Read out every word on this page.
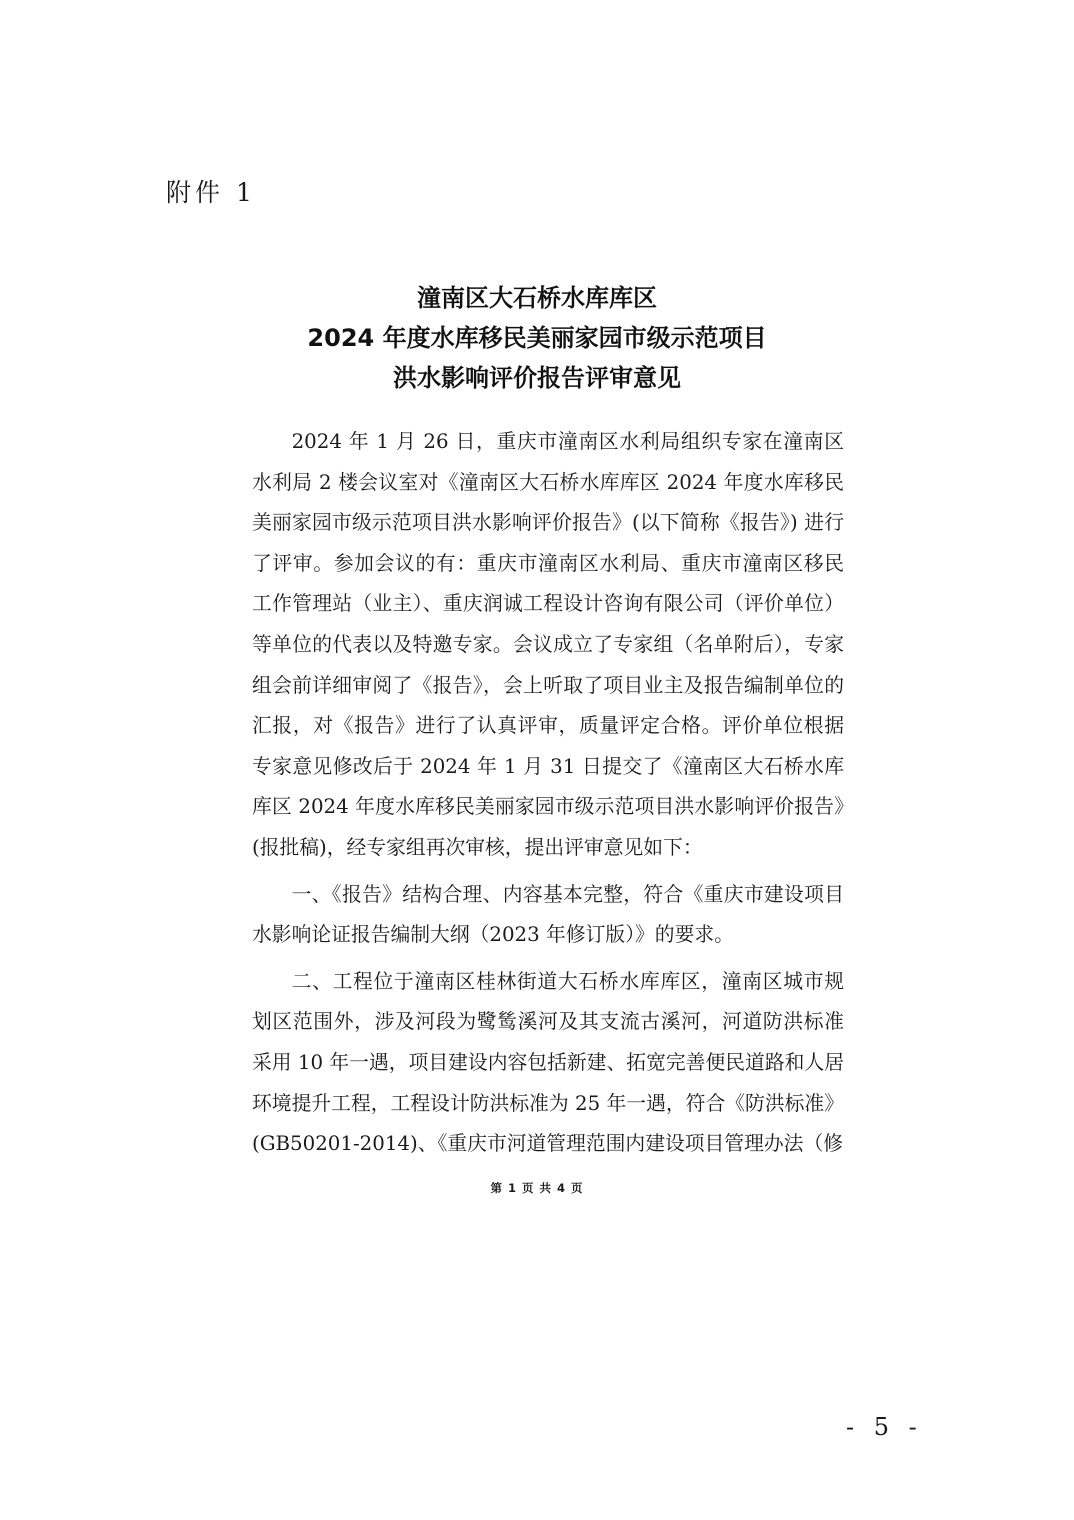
附件 1
潼南区大石桥水库库区
2024 年度水库移民美丽家园市级示范项目
洪水影响评价报告评审意见

2024 年 1 月 26 日，重庆市潼南区水利局组织专家在潼南区水利局 2 楼会议室对《潼南区大石桥水库库区 2024 年度水库移民美丽家园市级示范项目洪水影响评价报告》(以下简称《报告》) 进行了评审。参加会议的有：重庆市潼南区水利局、重庆市潼南区移民工作管理站（业主）、重庆润诚工程设计咨询有限公司（评价单位）等单位的代表以及特邀专家。会议成立了专家组（名单附后），专家组会前详细审阅了《报告》，会上听取了项目业主及报告编制单位的汇报，对《报告》进行了认真评审，质量评定合格。评价单位根据专家意见修改后于 2024 年 1 月 31 日提交了《潼南区大石桥水库库区 2024 年度水库移民美丽家园市级示范项目洪水影响评价报告》(报批稿)，经专家组再次审核，提出评审意见如下：

一、《报告》结构合理、内容基本完整，符合《重庆市建设项目水影响论证报告编制大纲（2023 年修订版）》的要求。

二、工程位于潼南区桂林街道大石桥水库库区，潼南区城市规划区范围外，涉及河段为鹭鸶溪河及其支流古溪河，河道防洪标准采用 10 年一遇，项目建设内容包括新建、拓宽完善便民道路和人居环境提升工程，工程设计防洪标准为 25 年一遇，符合《防洪标准》(GB50201-2014)、《重庆市河道管理范围内建设项目管理办法（修

第 1 页 共 4 页
- 5 -
